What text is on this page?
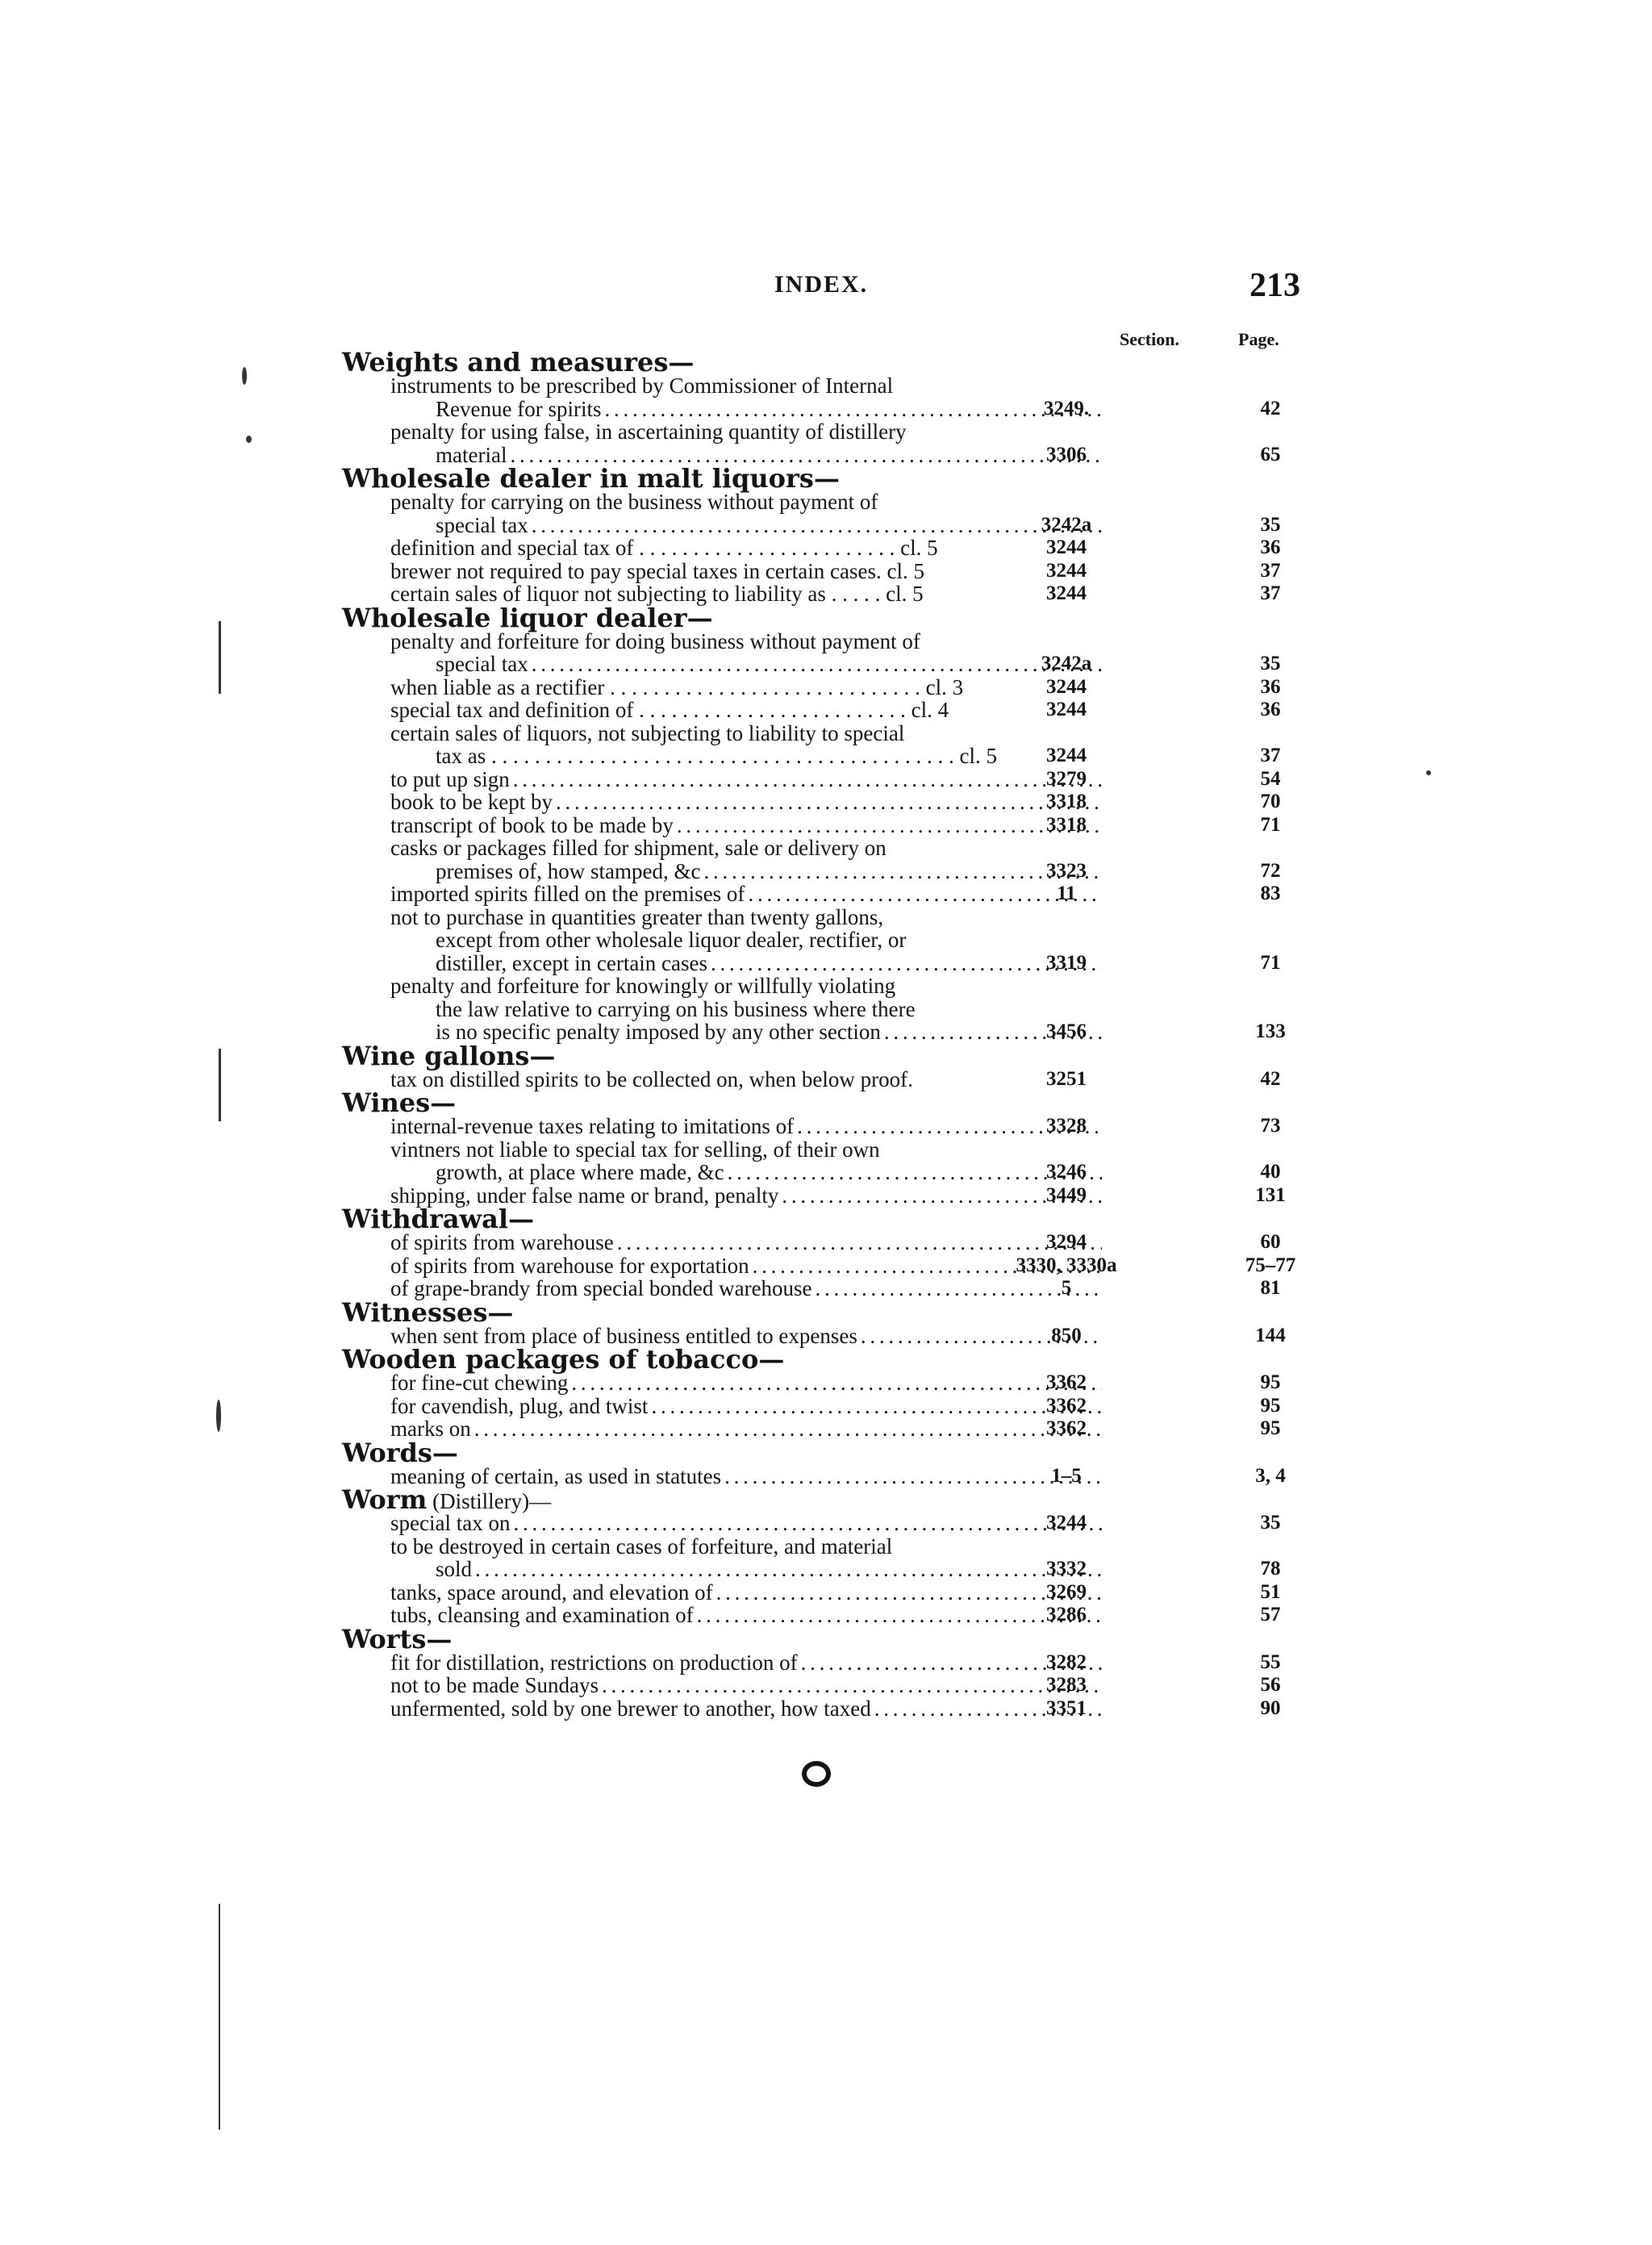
INDEX.	213
Section.	Page.
Weights and measures—
instruments to be prescribed by Commissioner of Internal
Revenue for spirits . . .	3249.	42
penalty for using false, in ascertaining quantity of distillery
material . . .	3306	65
Wholesale dealer in malt liquors—
penalty for carrying on the business without payment of
special tax . . .	3242a	35
definition and special tax of . . . . . . . . . . . . . . . . . . . . . . . . cl. 5	3244	36
brewer not required to pay special taxes in certain cases. cl. 5	3244	37
certain sales of liquor not subjecting to liability as . . . . . cl. 5	3244	37
Wholesale liquor dealer—
penalty and forfeiture for doing business without payment of
special tax . . .	3242a	35
when liable as a rectifier . . . . . . . . . . . . . . . . . . . . . . . . . . . . . cl. 3	3244	36
special tax and definition of . . . . . . . . . . . . . . . . . . . . . . . . . cl. 4	3244	36
certain sales of liquors, not subjecting to liability to special
tax as . . . . . . . . . . . . . . . . . . . . . . . . . . . . . . . . . . . . . . . . . . . cl. 5	3244	37
to put up sign . . .	3279	54
book to be kept by . . .	3318	70
transcript of book to be made by . . .	3318	71
casks or packages filled for shipment, sale or delivery on
premises of, how stamped, &c . . .	3323	72
imported spirits filled on the premises of . . .	11	83
not to purchase in quantities greater than twenty gallons,
except from other wholesale liquor dealer, rectifier, or
distiller, except in certain cases . . .	3319	71
penalty and forfeiture for knowingly or willfully violating
the law relative to carrying on his business where there
is no specific penalty imposed by any other section . . .	3456	133
Wine gallons—
tax on distilled spirits to be collected on, when below proof.	3251	42
Wines—
internal-revenue taxes relating to imitations of . . .	3328	73
vintners not liable to special tax for selling, of their own
growth, at place where made, &c . . .	3246	40
shipping, under false name or brand, penalty . . .	3449	131
Withdrawal—
of spirits from warehouse . . .	3294	60
of spirits from warehouse for exportation . . .	3330, 3330a	75–77
of grape-brandy from special bonded warehouse . . .	5	81
Witnesses—
when sent from place of business entitled to expenses . . .	850	144
Wooden packages of tobacco—
for fine-cut chewing . . .	3362	95
for cavendish, plug, and twist . . .	3362	95
marks on . . .	3362	95
Words—
meaning of certain, as used in statutes . . .	1–5	3, 4
Worm (Distillery)—
special tax on . . .	3244	35
to be destroyed in certain cases of forfeiture, and material
sold . . .	3332	78
tanks, space around, and elevation of . . .	3269	51
tubs, cleansing and examination of . . .	3286	57
Worts—
fit for distillation, restrictions on production of . . .	3282	55
not to be made Sundays . . .	3283	56
unfermented, sold by one brewer to another, how taxed . . .	3351	90
